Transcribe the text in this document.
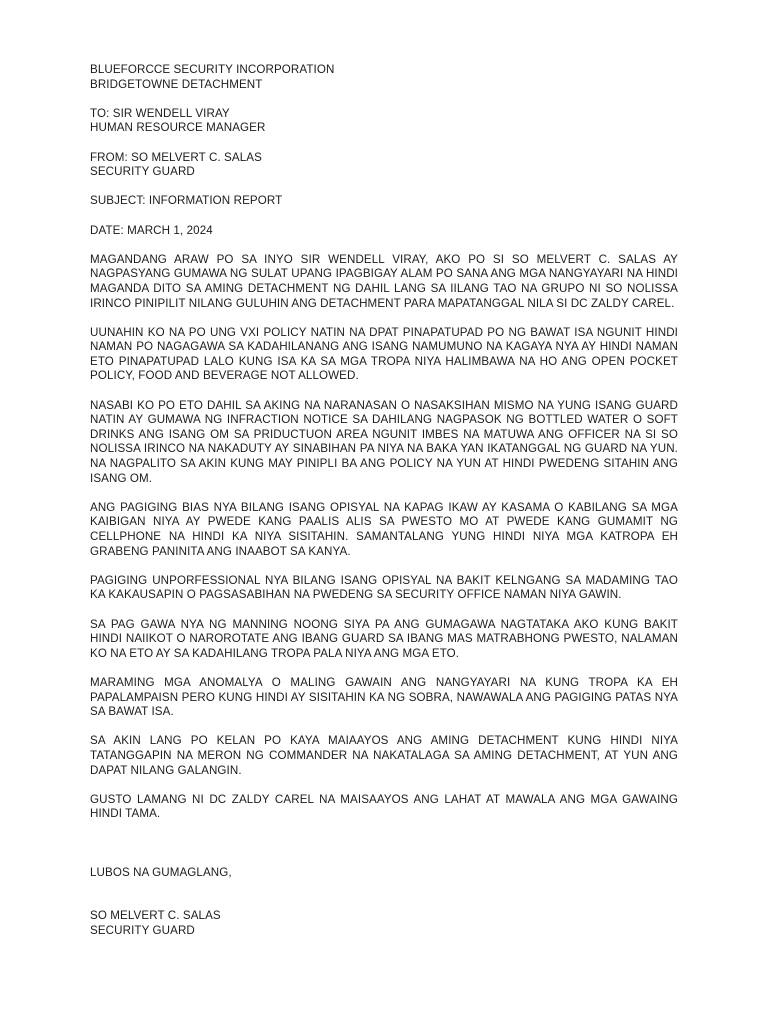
BLUEFORCCE SECURITY INCORPORATION
BRIDGETOWNE DETACHMENT
TO: SIR WENDELL VIRAY
HUMAN RESOURCE MANAGER
FROM: SO MELVERT C. SALAS
SECURITY GUARD
SUBJECT: INFORMATION REPORT
DATE: MARCH 1, 2024

MAGANDANG ARAW PO SA INYO SIR WENDELL VIRAY, AKO PO SI SO MELVERT C. SALAS AY NAGPASYANG GUMAWA NG SULAT UPANG IPAGBIGAY ALAM PO SANA ANG MGA NANGYAYARI NA HINDI MAGANDA DITO SA AMING DETACHMENT NG DAHIL LANG SA IILANG TAO NA GRUPO NI SO NOLISSA IRINCO PINIPILIT NILANG GULUHIN ANG DETACHMENT PARA MAPATANGGAL NILA SI DC ZALDY CAREL.

UUNAHIN KO NA PO UNG VXI POLICY NATIN NA DPAT PINAPATUPAD PO NG BAWAT ISA NGUNIT HINDI NAMAN PO NAGAGAWA SA KADAHILANANG ANG ISANG NAMUMUNO NA KAGAYA NYA AY HINDI NAMAN ETO PINAPATUPAD LALO KUNG ISA KA SA MGA TROPA NIYA HALIMBAWA NA HO ANG OPEN POCKET POLICY, FOOD AND BEVERAGE NOT ALLOWED.

NASABI KO PO ETO DAHIL SA AKING NA NARANASAN O NASAKSIHAN MISMO NA YUNG ISANG GUARD NATIN AY GUMAWA NG INFRACTION NOTICE SA DAHILANG NAGPASOK NG BOTTLED WATER O SOFT DRINKS ANG ISANG OM SA PRIDUCTUON AREA NGUNIT IMBES NA MATUWA ANG OFFICER NA SI SO NOLISSA IRINCO NA NAKADUTY AY SINABIHAN PA NIYA NA BAKA YAN IKATANGGAL NG GUARD NA YUN. NA NAGPALITO SA AKIN KUNG MAY PINIPLI BA ANG POLICY NA YUN AT HINDI PWEDENG SITAHIN ANG ISANG OM.

ANG PAGIGING BIAS NYA BILANG ISANG OPISYAL NA KAPAG IKAW AY KASAMA O KABILANG SA MGA KAIBIGAN NIYA AY PWEDE KANG PAALIS ALIS SA PWESTO MO AT PWEDE KANG GUMAMIT NG CELLPHONE NA HINDI KA NIYA SISITAHIN. SAMANTALANG YUNG HINDI NIYA MGA KATROPA EH GRABENG PANINITA ANG INAABOT SA KANYA.

PAGIGING UNPORFESSIONAL NYA BILANG ISANG OPISYAL NA BAKIT KELNGANG SA MADAMING TAO KA KAKAUSAPIN O PAGSASABIHAN NA PWEDENG SA SECURITY OFFICE NAMAN NIYA GAWIN.

SA PAG GAWA NYA NG MANNING NOONG SIYA PA ANG GUMAGAWA NAGTATAKA AKO KUNG BAKIT HINDI NAIIKOT O NAROROTATE ANG IBANG GUARD SA IBANG MAS MATRABHONG PWESTO, NALAMAN KO NA ETO AY SA KADAHILANG TROPA PALA NIYA ANG MGA ETO.

MARAMING MGA ANOMALYA O MALING GAWAIN ANG NANGYAYARI NA KUNG TROPA KA EH PAPALAMPAISN PERO KUNG HINDI AY SISITAHIN KA NG SOBRA, NAWAWALA ANG PAGIGING PATAS NYA SA BAWAT ISA.

SA AKIN LANG PO KELAN PO KAYA MAIAAYOS ANG AMING DETACHMENT KUNG HINDI NIYA TATANGGAPIN NA MERON NG COMMANDER NA NAKATALAGA SA AMING DETACHMENT, AT YUN ANG DAPAT NILANG GALANGIN.

GUSTO LAMANG NI DC ZALDY CAREL NA MAISAAYOS ANG LAHAT AT MAWALA ANG MGA GAWAING HINDI TAMA.

LUBOS NA GUMAGLANG,
SO MELVERT C. SALAS
SECURITY GUARD
